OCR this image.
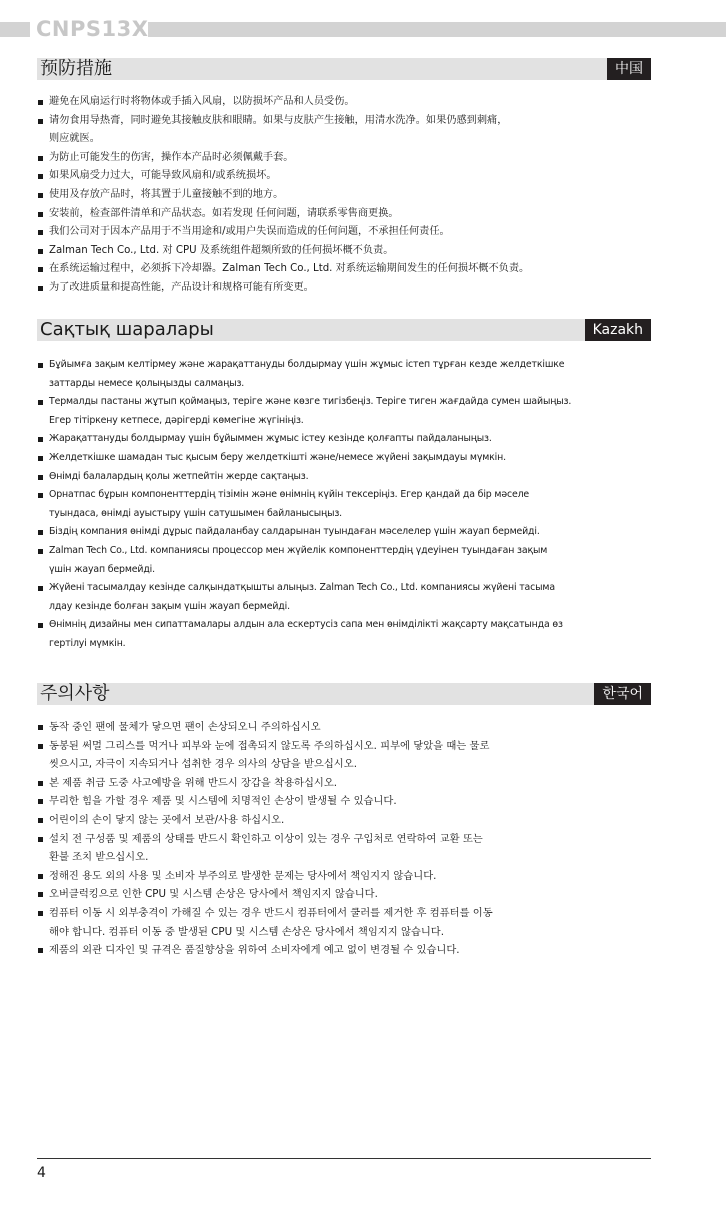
CNPS13X
预防措施	中国
避免在风扇运行时将物体或手插入风扇，以防损坏产品和人员受伤。
请勿食用导热膏，同时避免其接触皮肤和眼睛。如果与皮肤产生接触，用清水洗净。如果仍感到刺痛，
则应就医。
为防止可能发生的伤害，操作本产品时必须佩戴手套。
如果风扇受力过大，可能导致风扇和/或系统损坏。
使用及存放产品时，将其置于儿童接触不到的地方。
安装前，检查部件清单和产品状态。如若发现 任何问题，请联系零售商更换。
我们公司对于因本产品用于不当用途和/或用户失误而造成的任何问题，不承担任何责任。
Zalman Tech Co., Ltd. 对 CPU 及系统组件超频所致的任何损坏概不负责。
在系统运输过程中，必须拆下冷却器。Zalman Tech Co., Ltd. 对系统运输期间发生的任何损坏概不负责。
为了改进质量和提高性能，产品设计和规格可能有所变更。
Сақтық шаралары	Kazakh
Бұйымға зақым келтірмеу және жарақаттануды болдырмау үшін жұмыс істеп тұрған кезде желдеткішке
заттарды немесе қолыңызды салмаңыз.
Термалды пастаны жұтып қоймаңыз, теріге және көзге тигізбеңіз. Теріге тиген жағдайда сумен шайыңыз.
Егер тітіркену кетпесе, дәрігерді көмегіне жүгініңіз.
Жарақаттануды болдырмау үшін бұйыммен жұмыс істеу кезінде қолғапты пайдаланыңыз.
Желдеткішке шамадан тыс қысым беру желдеткішті және/немесе жүйені зақымдауы мүмкін.
Өнімді балалардың қолы жетпейтін жерде сақтаңыз.
Орнатпас бұрын компоненттердің тізімін және өнімнің күйін тексеріңіз. Егер қандай да бір мәселе
туындаса, өнімді ауыстыру үшін сатушымен байланысыңыз.
Біздің компания өнімді дұрыс пайдаланбау салдарынан туындаған мәселелер үшін жауап бермейді.
Zalman Tech Co., Ltd. компаниясы процессор мен жүйелік компоненттердің үдеуінен туындаған зақым
үшін жауап бермейді.
Жүйені тасымалдау кезінде салқындатқышты алыңыз. Zalman Tech Co., Ltd. компаниясы жүйені тасыма
лдау кезінде болған зақым үшін жауап бермейді.
Өнімнің дизайны мен сипаттамалары алдын ала ескертусіз сапа мен өнімділікті жақсарту мақсатында өз
гертілуі мүмкін.
주의사항	한국어
동작 중인 팬에 물체가 닿으면 팬이 손상되오니 주의하십시오
동봉된 써멀 그리스를 먹거나 피부와 눈에 접촉되지 않도록 주의하십시오. 피부에 닿았을 때는 물로
씻으시고, 자극이 지속되거나 섭취한 경우 의사의 상담을 받으십시오.
본 제품 취급 도중 사고예방을 위해 반드시 장갑을 착용하십시오.
무리한 힘을 가할 경우 제품 및 시스템에 치명적인 손상이 발생될 수 있습니다.
어린이의 손이 닿지 않는 곳에서 보관/사용 하십시오.
설치 전 구성품 및 제품의 상태를 반드시 확인하고 이상이 있는 경우 구입처로 연락하여 교환 또는
환불 조치 받으십시오.
정해진 용도 외의 사용 및 소비자 부주의로 발생한 문제는 당사에서 책임지지 않습니다.
오버클럭킹으로 인한 CPU 및 시스템 손상은 당사에서 책임지지 않습니다.
컴퓨터 이동 시 외부충격이 가해질 수 있는 경우 반드시 컴퓨터에서 쿨러를 제거한 후 컴퓨터를 이동
해야 합니다. 컴퓨터 이동 중 발생된 CPU 및 시스템 손상은 당사에서 책임지지 않습니다.
제품의 외관 디자인 및 규격은 품질향상을 위하여 소비자에게 예고 없이 변경될 수 있습니다.
4
